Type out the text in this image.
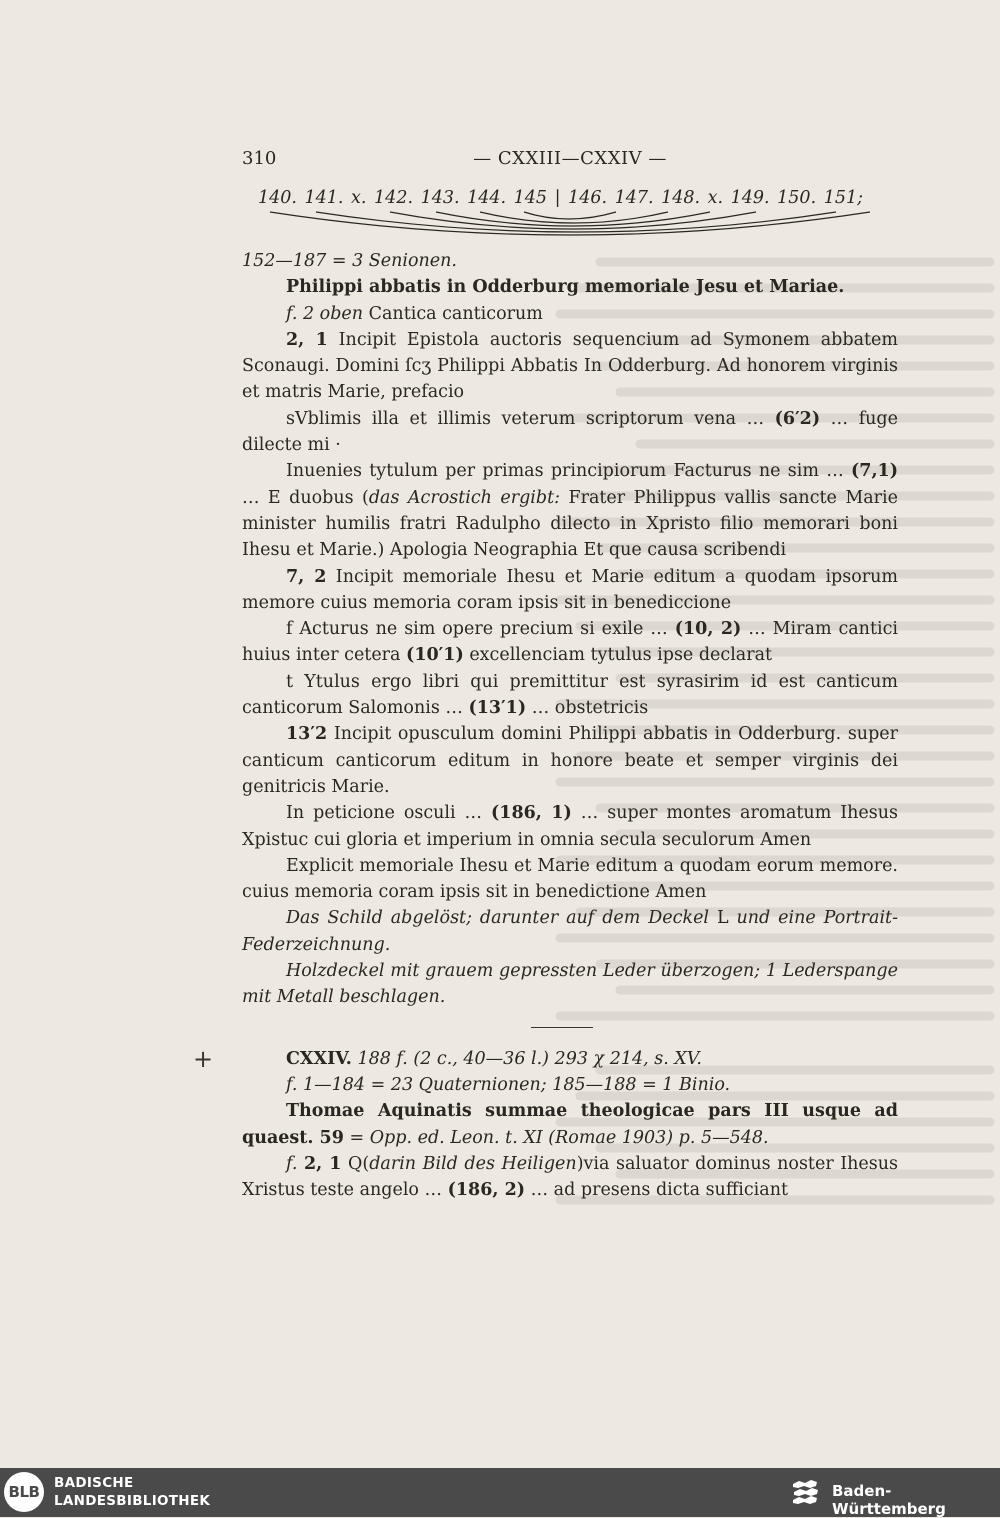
310	— CXXIII—CXXIV —
140. 141. x. 142. 143. 144. 145 | 146. 147. 148. x. 149. 150. 151;

152—187 = 3 Senionen.

Philippi abbatis in Odderburg memoriale Jesu et Mariae.

f. 2 oben Cantica canticorum

2, 1 Incipit Epistola auctoris sequencium ad Symonem abbatem Sconaugi. Domini ſcʒ Philippi Abbatis In Odderburg. Ad honorem virginis et matris Marie, prefacio

sVblimis illa et illimis veterum scriptorum vena … (6′2) … fuge dilecte mi ·

Inuenies tytulum per primas principiorum Facturus ne sim … (7,1) … E duobus (das Acrostich ergibt: Frater Philippus vallis sancte Marie minister humilis fratri Radulpho dilecto in Xpristo filio memorari boni Ihesu et Marie.) Apologia Neographia Et que causa scribendi

7, 2 Incipit memoriale Ihesu et Marie editum a quodam ipsorum memore cuius memoria coram ipsis sit in benediccione

f Acturus ne sim opere precium si exile … (10, 2) … Miram cantici huius inter cetera (10′1) excellenciam tytulus ipse declarat

t Ytulus ergo libri qui premittitur est syrasirim id est canticum canticorum Salomonis … (13′1) … obstetricis

13′2 Incipit opusculum domini Philippi abbatis in Odderburg. super canticum canticorum editum in honore beate et semper virginis dei genitricis Marie.

In peticione osculi … (186, 1) … super montes aromatum Ihesus Xpistuc cui gloria et imperium in omnia secula seculorum Amen

Explicit memoriale Ihesu et Marie editum a quodam eorum memore. cuius memoria coram ipsis sit in benedictione Amen

Das Schild abgelöst; darunter auf dem Deckel L und eine Portrait-Federzeichnung.

Holzdeckel mit grauem gepressten Leder überzogen; 1 Lederspange mit Metall beschlagen.

CXXIV. 188 f. (2 c., 40—36 l.) 293 χ 214, s. XV.

f. 1—184 = 23 Quaternionen; 185—188 = 1 Binio.

Thomae Aquinatis summae theologicae pars III usque ad quaest. 59 = Opp. ed. Leon. t. XI (Romae 1903) p. 5—548.

f. 2, 1 Q(darin Bild des Heiligen)via saluator dominus noster Ihesus Xristus teste angelo … (186, 2) … ad presens dicta sufficiant

+
BLB	BADISCHE
LANDESBIBLIOTHEK
Baden-Württemberg
